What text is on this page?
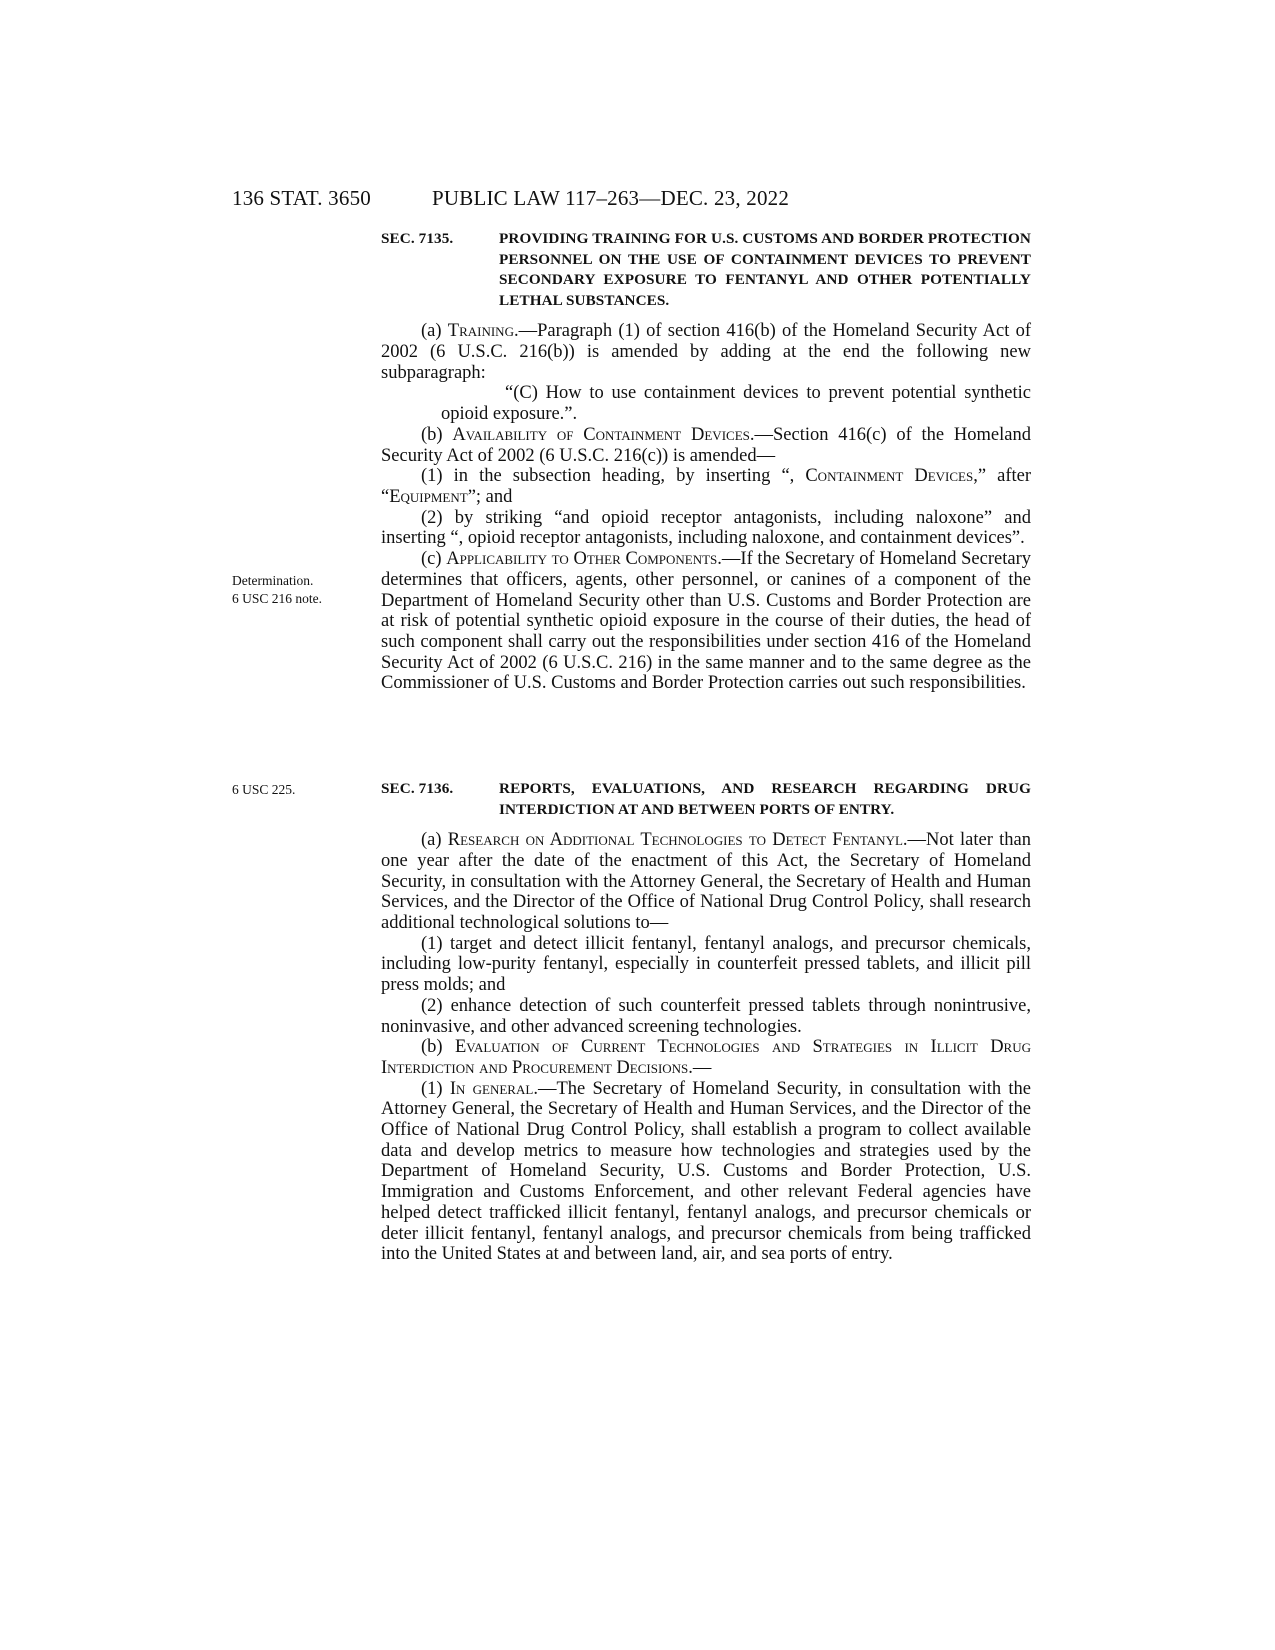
136 STAT. 3650	PUBLIC LAW 117–263—DEC. 23, 2022
Determination.
6 USC 216 note.
6 USC 225.
SEC. 7135.	PROVIDING TRAINING FOR U.S. CUSTOMS AND BORDER PROTECTION PERSONNEL ON THE USE OF CONTAINMENT DEVICES TO PREVENT SECONDARY EXPOSURE TO FENTANYL AND OTHER POTENTIALLY LETHAL SUBSTANCES.

(a) Training.—Paragraph (1) of section 416(b) of the Homeland Security Act of 2002 (6 U.S.C. 216(b)) is amended by adding at the end the following new subparagraph:

“(C) How to use containment devices to prevent potential synthetic opioid exposure.”.

(b) Availability of Containment Devices.—Section 416(c) of the Homeland Security Act of 2002 (6 U.S.C. 216(c)) is amended—

(1) in the subsection heading, by inserting “, Containment Devices,” after “Equipment”; and

(2) by striking “and opioid receptor antagonists, including naloxone” and inserting “, opioid receptor antagonists, including naloxone, and containment devices”.

(c) Applicability to Other Components.—If the Secretary of Homeland Secretary determines that officers, agents, other personnel, or canines of a component of the Department of Homeland Security other than U.S. Customs and Border Protection are at risk of potential synthetic opioid exposure in the course of their duties, the head of such component shall carry out the responsibilities under section 416 of the Homeland Security Act of 2002 (6 U.S.C. 216) in the same manner and to the same degree as the Commissioner of U.S. Customs and Border Protection carries out such responsibilities.

SEC. 7136.	REPORTS, EVALUATIONS, AND RESEARCH REGARDING DRUG INTERDICTION AT AND BETWEEN PORTS OF ENTRY.

(a) Research on Additional Technologies to Detect Fentanyl.—Not later than one year after the date of the enactment of this Act, the Secretary of Homeland Security, in consultation with the Attorney General, the Secretary of Health and Human Services, and the Director of the Office of National Drug Control Policy, shall research additional technological solutions to—

(1) target and detect illicit fentanyl, fentanyl analogs, and precursor chemicals, including low-purity fentanyl, especially in counterfeit pressed tablets, and illicit pill press molds; and

(2) enhance detection of such counterfeit pressed tablets through nonintrusive, noninvasive, and other advanced screening technologies.

(b) Evaluation of Current Technologies and Strategies in Illicit Drug Interdiction and Procurement Decisions.—

(1) In general.—The Secretary of Homeland Security, in consultation with the Attorney General, the Secretary of Health and Human Services, and the Director of the Office of National Drug Control Policy, shall establish a program to collect available data and develop metrics to measure how technologies and strategies used by the Department of Homeland Security, U.S. Customs and Border Protection, U.S. Immigration and Customs Enforcement, and other relevant Federal agencies have helped detect trafficked illicit fentanyl, fentanyl analogs, and precursor chemicals or deter illicit fentanyl, fentanyl analogs, and precursor chemicals from being trafficked into the United States at and between land, air, and sea ports of entry.
